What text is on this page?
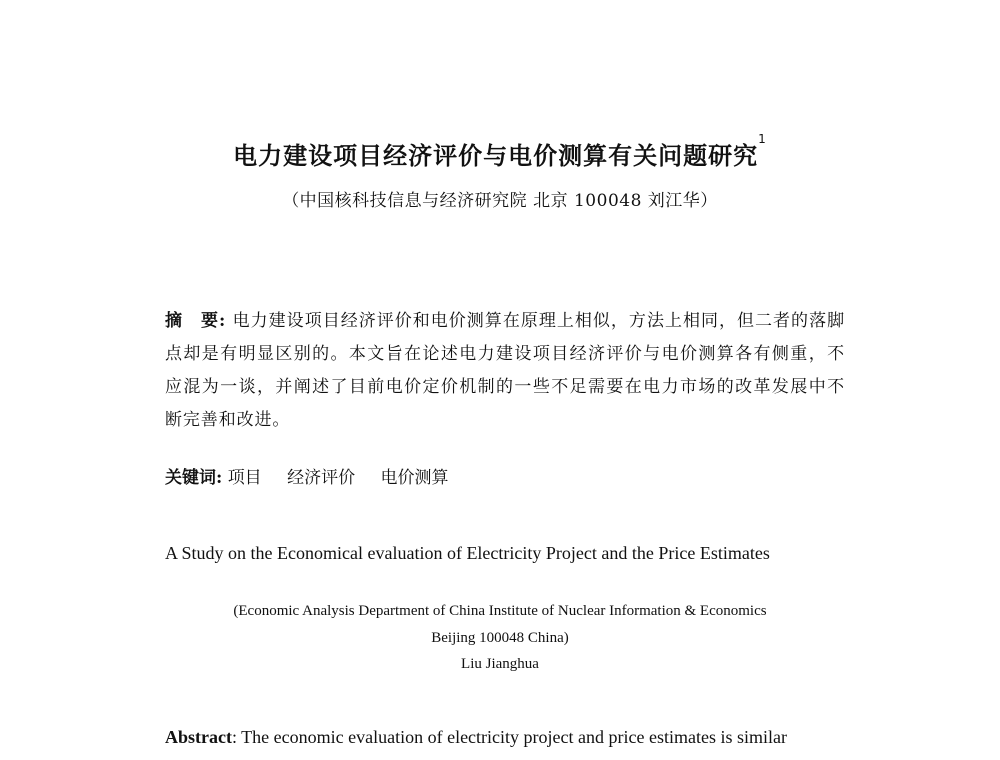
电力建设项目经济评价与电价测算有关问题研究$^1$
（中国核科技信息与经济研究院 北京 100048 刘江华）
摘　要: 电力建设项目经济评价和电价测算在原理上相似，方法上相同，但二者的落脚点却是有明显区别的。本文旨在论述电力建设项目经济评价与电价测算各有侧重，不应混为一谈，并阐述了目前电价定价机制的一些不足需要在电力市场的改革发展中不断完善和改进。
关键词: 项目 经济评价 电价测算
A Study on the Economical evaluation of Electricity Project and the Price Estimates
(Economic Analysis Department of China Institute of Nuclear Information & Economics
Beijing 100048 China)
Liu Jianghua
Abstract: The economic evaluation of electricity project and price estimates is similar
